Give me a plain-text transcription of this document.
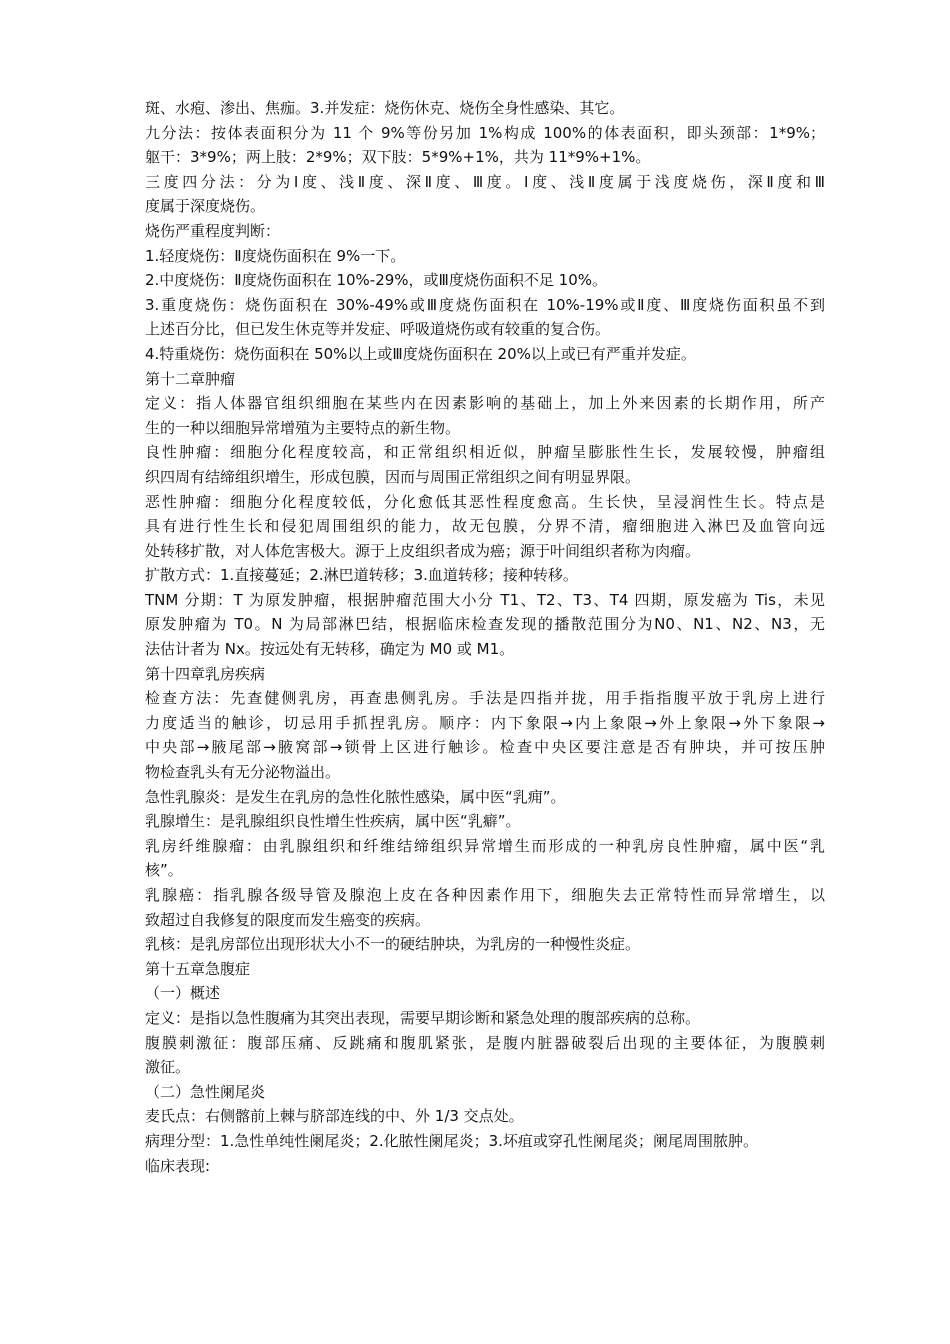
斑、水疱、渗出、焦痂。3.并发症：烧伤休克、烧伤全身性感染、其它。
九分法：按体表面积分为 11 个 9%等份另加 1%构成 100%的体表面积，即头颈部：1*9%；
躯干：3*9%；两上肢：2*9%；双下肢：5*9%+1%，共为 11*9%+1%。
三度四分法：分为Ⅰ度、浅Ⅱ度、深Ⅱ度、Ⅲ度。Ⅰ度、浅Ⅱ度属于浅度烧伤，深Ⅱ度和Ⅲ
度属于深度烧伤。
烧伤严重程度判断：
1.轻度烧伤：Ⅱ度烧伤面积在 9%一下。
2.中度烧伤：Ⅱ度烧伤面积在 10%-29%，或Ⅲ度烧伤面积不足 10%。
3.重度烧伤：烧伤面积在 30%-49%或Ⅲ度烧伤面积在 10%-19%或Ⅱ度、Ⅲ度烧伤面积虽不到
上述百分比，但已发生休克等并发症、呼吸道烧伤或有较重的复合伤。
4.特重烧伤：烧伤面积在 50%以上或Ⅲ度烧伤面积在 20%以上或已有严重并发症。
第十二章肿瘤
定义：指人体器官组织细胞在某些内在因素影响的基础上，加上外来因素的长期作用，所产
生的一种以细胞异常增殖为主要特点的新生物。
良性肿瘤：细胞分化程度较高，和正常组织相近似，肿瘤呈膨胀性生长，发展较慢，肿瘤组
织四周有结缔组织增生，形成包膜，因而与周围正常组织之间有明显界限。
恶性肿瘤：细胞分化程度较低，分化愈低其恶性程度愈高。生长快，呈浸润性生长。特点是
具有进行性生长和侵犯周围组织的能力，故无包膜，分界不清，瘤细胞进入淋巴及血管向远
处转移扩散，对人体危害极大。源于上皮组织者成为癌；源于叶间组织者称为肉瘤。
扩散方式：1.直接蔓延；2.淋巴道转移；3.血道转移；接种转移。
TNM 分期：T 为原发肿瘤，根据肿瘤范围大小分 T1、T2、T3、T4 四期，原发癌为 Tis，未见
原发肿瘤为 T0。N 为局部淋巴结，根据临床检查发现的播散范围分为N0、N1、N2、N3，无
法估计者为 Nx。按远处有无转移，确定为 M0 或 M1。
第十四章乳房疾病
检查方法：先查健侧乳房，再查患侧乳房。手法是四指并拢，用手指指腹平放于乳房上进行
力度适当的触诊，切忌用手抓捏乳房。顺序：内下象限→内上象限→外上象限→外下象限→
中央部→腋尾部→腋窝部→锁骨上区进行触诊。检查中央区要注意是否有肿块，并可按压肿
物检查乳头有无分泌物溢出。
急性乳腺炎：是发生在乳房的急性化脓性感染，属中医“乳痈”。
乳腺增生：是乳腺组织良性增生性疾病，属中医“乳癖”。
乳房纤维腺瘤：由乳腺组织和纤维结缔组织异常增生而形成的一种乳房良性肿瘤，属中医“乳
核”。
乳腺癌：指乳腺各级导管及腺泡上皮在各种因素作用下，细胞失去正常特性而异常增生，以
致超过自我修复的限度而发生癌变的疾病。
乳核：是乳房部位出现形状大小不一的硬结肿块，为乳房的一种慢性炎症。
第十五章急腹症
（一）概述
定义：是指以急性腹痛为其突出表现，需要早期诊断和紧急处理的腹部疾病的总称。
腹膜刺激征：腹部压痛、反跳痛和腹肌紧张，是腹内脏器破裂后出现的主要体征，为腹膜刺
激征。
（二）急性阑尾炎
麦氏点：右侧髂前上棘与脐部连线的中、外 1/3 交点处。
病理分型：1.急性单纯性阑尾炎；2.化脓性阑尾炎；3.坏疽或穿孔性阑尾炎；阑尾周围脓肿。
临床表现:
